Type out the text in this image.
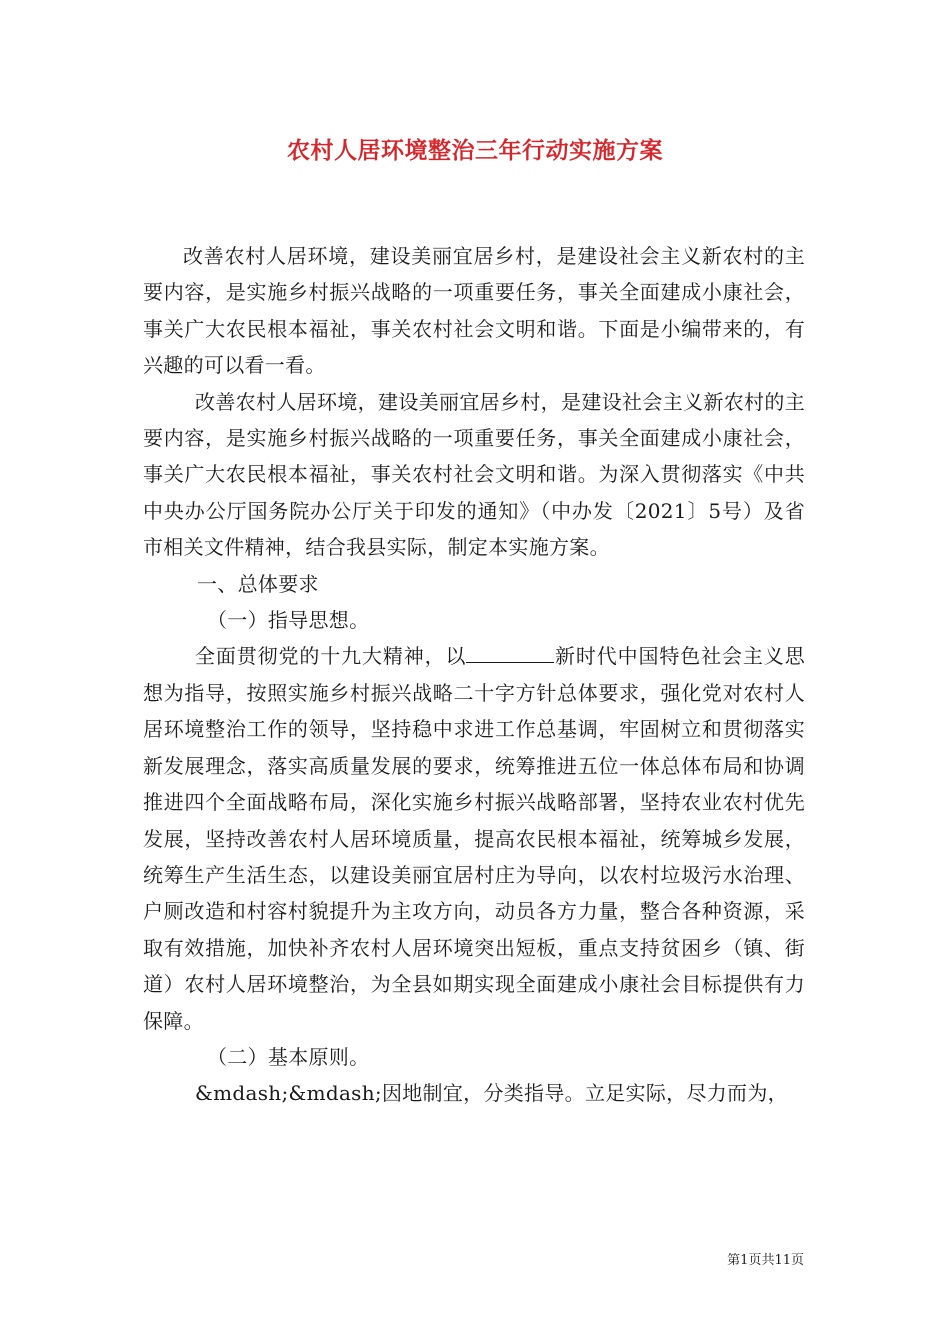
农村人居环境整治三年行动实施方案

改善农村人居环境，建设美丽宜居乡村，是建设社会主义新农村的主要内容，是实施乡村振兴战略的一项重要任务，事关全面建成小康社会，事关广大农民根本福祉，事关农村社会文明和谐。下面是小编带来的，有兴趣的可以看一看。

改善农村人居环境，建设美丽宜居乡村，是建设社会主义新农村的主要内容，是实施乡村振兴战略的一项重要任务，事关全面建成小康社会，事关广大农民根本福祉，事关农村社会文明和谐。为深入贯彻落实《中共中央办公厅国务院办公厅关于印发的通知》（中办发〔2021〕5号）及省市相关文件精神，结合我县实际，制定本实施方案。

一、总体要求

（一）指导思想。

全面贯彻党的十九大精神，以	新时代中国特色社会主义思想为指导，按照实施乡村振兴战略二十字方针总体要求，强化党对农村人居环境整治工作的领导，坚持稳中求进工作总基调，牢固树立和贯彻落实新发展理念，落实高质量发展的要求，统筹推进五位一体总体布局和协调推进四个全面战略布局，深化实施乡村振兴战略部署，坚持农业农村优先发展，坚持改善农村人居环境质量，提高农民根本福祉，统筹城乡发展，统筹生产生活生态，以建设美丽宜居村庄为导向，以农村垃圾污水治理、户厕改造和村容村貌提升为主攻方向，动员各方力量，整合各种资源，采取有效措施，加快补齐农村人居环境突出短板，重点支持贫困乡（镇、街道）农村人居环境整治，为全县如期实现全面建成小康社会目标提供有力保障。

（二）基本原则。

&mdash;&mdash;因地制宜，分类指导。立足实际，尽力而为，

第1页共11页
